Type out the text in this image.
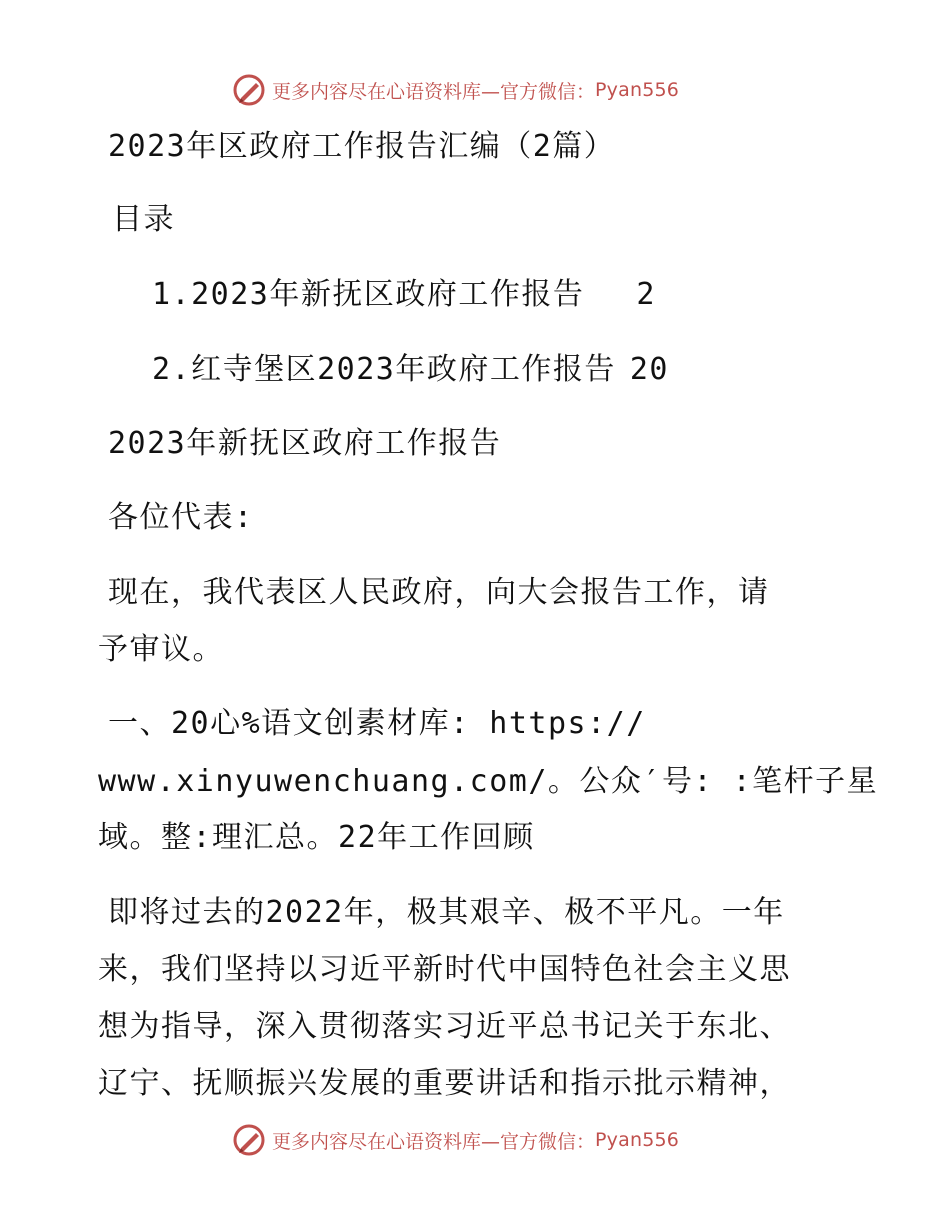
更多内容尽在心语资料库—官方微信： Pyan556
2023年区政府工作报告汇编（2篇）
目录
1.2023年新抚区政府工作报告 2
2.红寺堡区2023年政府工作报告 20
2023年新抚区政府工作报告
各位代表:
现在，我代表区人民政府，向大会报告工作，请
予审议。
一、20心%语文创素材库: https://
www.xinyuwenchuang.com/。公众′号: :笔杆子星
域。整:理汇总。22年工作回顾
即将过去的2022年，极其艰辛、极不平凡。一年
来，我们坚持以习近平新时代中国特色社会主义思
想为指导，深入贯彻落实习近平总书记关于东北、
辽宁、抚顺振兴发展的重要讲话和指示批示精神，
更多内容尽在心语资料库—官方微信： Pyan556
